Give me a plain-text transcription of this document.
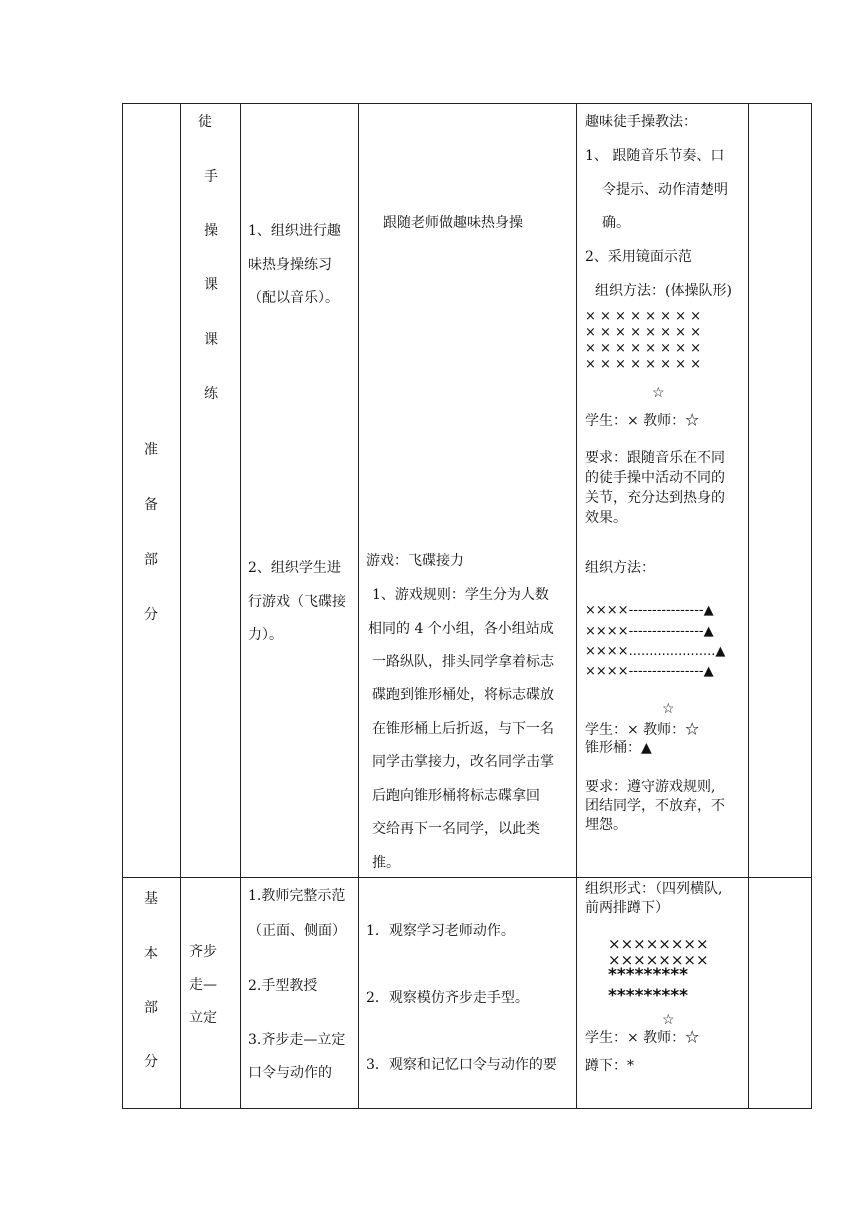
准
备
部
分
徒
手
操
课
课
练
1、组织进行趣
味热身操练习
（配以音乐）。
2、组织学生进
行游戏（飞碟接
力）。
跟随老师做趣味热身操
游戏：飞碟接力
1、游戏规则：学生分为人数
相同的 4 个小组，各小组站成
一路纵队，排头同学拿着标志
碟跑到锥形桶处，将标志碟放
在锥形桶上后折返，与下一名
同学击掌接力，改名同学击掌
后跑向锥形桶将标志碟拿回
交给再下一名同学，以此类
推。
趣味徒手操教法：
1、 跟随音乐节奏、口
令提示、动作清楚明
确。
2、采用镜面示范
组织方法：(体操队形)
× × × × × × × ×
× × × × × × × ×
× × × × × × × ×
× × × × × × × ×
☆
学生：× 教师：☆
要求：跟随音乐在不同
的徒手操中活动不同的
关节，充分达到热身的
效果。
组织方法：
××××----------------▲
××××----------------▲
××××.....................▲
××××----------------▲
☆
学生：× 教师：☆
锥形桶：▲
要求：遵守游戏规则,
团结同学，不放弃，不
埋怨。
基
本
部
分
齐步
走—
立定
1.教师完整示范
（正面、侧面）
2.手型教授
3.齐步走—立定
口令与动作的
1．观察学习老师动作。
2．观察模仿齐步走手型。
3．观察和记忆口令与动作的要
组织形式：（四列横队,
前两排蹲下）
××××××××
××××××××
*********
*********
☆
学生：× 教师：☆
蹲下：*
